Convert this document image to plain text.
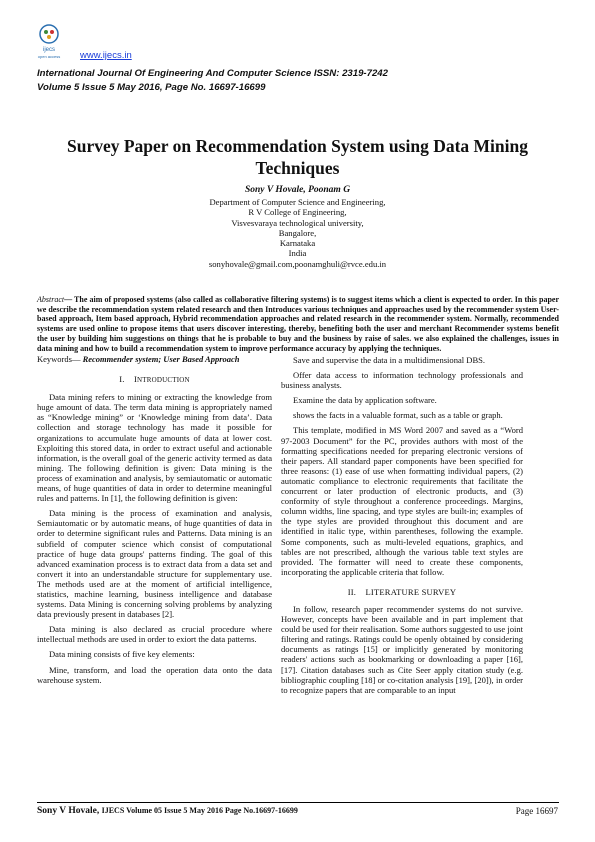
ijecs
open access www.ijecs.in
International Journal Of Engineering And Computer Science ISSN: 2319-7242
Volume 5 Issue 5 May 2016, Page No. 16697-16699
Survey Paper on Recommendation System using Data Mining Techniques
Sony V Hovale, Poonam G
Department of Computer Science and Engineering,
R V College of Engineering,
Visvesvaraya technological university,
Bangalore,
Karnataka
India
sonyhovale@gmail.com,poonamghuli@rvce.edu.in
Abstract— The aim of proposed systems (also called as collaborative filtering systems) is to suggest items which a client is expected to order. In this paper we describe the recommendation system related research and then Introduces various techniques and approaches used by the recommender system User-based approach, Item based approach, Hybrid recommendation approaches and related research in the recommender system. Normally, recommended systems are used online to propose items that users discover interesting, thereby, benefiting both the user and merchant Recommender systems benefit the user by building him suggestions on things that he is probable to buy and the business by raise of sales. we also explained the challenges, issues in data mining and how to build a recommendation system to improve performance accuracy by applying the techniques.

Keywords— Recommender system; User Based Approach

I. INTRODUCTION

Data mining refers to mining or extracting the knowledge from huge amount of data. The term data mining is appropriately named as “Knowledge mining” or ‘Knowledge mining from data’. Data collection and storage technology has made it possible for organizations to accumulate huge amounts of data at lower cost. Exploiting this stored data, in order to extract useful and actionable information, is the overall goal of the generic activity termed as data mining. The following definition is given: Data mining is the process of examination and analysis, by semiautomatic or automatic means, of huge quantities of data in order to determine meaningful rules and patterns. In [1], the following definition is given:

Data mining is the process of examination and analysis, Semiautomatic or by automatic means, of huge quantities of data in order to determine significant rules and Patterns. Data mining is an subfield of computer science which consist of computational practice of huge data groups' patterns finding. The goal of this advanced examination process is to extract data from a data set and convert it into an understandable structure for supplementary use. The methods used are at the moment of artificial intelligence, statistics, machine learning, business intelligence and database systems. Data Mining is concerning solving problems by analyzing data previously present in databases [2].

Data mining is also declared as crucial procedure where intellectual methods are used in order to exiort the data patterns.

Data mining consists of five key elements:

Mine, transform, and load the operation data onto the data warehouse system.

Save and supervise the data in a multidimensional DBS.

Offer data access to information technology professionals and business analysts.

Examine the data by application software.

shows the facts in a valuable format, such as a table or graph.

This template, modified in MS Word 2007 and saved as a “Word 97-2003 Document” for the PC, provides authors with most of the formatting specifications needed for preparing electronic versions of their papers. All standard paper components have been specified for three reasons: (1) ease of use when formatting individual papers, (2) automatic compliance to electronic requirements that facilitate the concurrent or later production of electronic products, and (3) conformity of style throughout a conference proceedings. Margins, column widths, line spacing, and type styles are built-in; examples of the type styles are provided throughout this document and are identified in italic type, within parentheses, following the example. Some components, such as multi-leveled equations, graphics, and tables are not prescribed, although the various table text styles are provided. The formatter will need to create these components, incorporating the applicable criteria that follow.

II. LITERATURE SURVEY

In follow, research paper recommender systems do not survive. However, concepts have been available and in part implement that could be used for their realisation. Some authors suggested to use joint filtering and ratings. Ratings could be openly obtained by considering documents as ratings [15] or implicitly generated by monitoring readers' actions such as bookmarking or downloading a paper [16], [17]. Citation databases such as Cite Seer apply citation study (e.g. bibliographic coupling [18] or co-citation analysis [19], [20]), in order to recognize papers that are comparable to an input

Sony V Hovale, IJECS Volume 05 Issue 5 May 2016 Page No.16697-16699	Page 16697
